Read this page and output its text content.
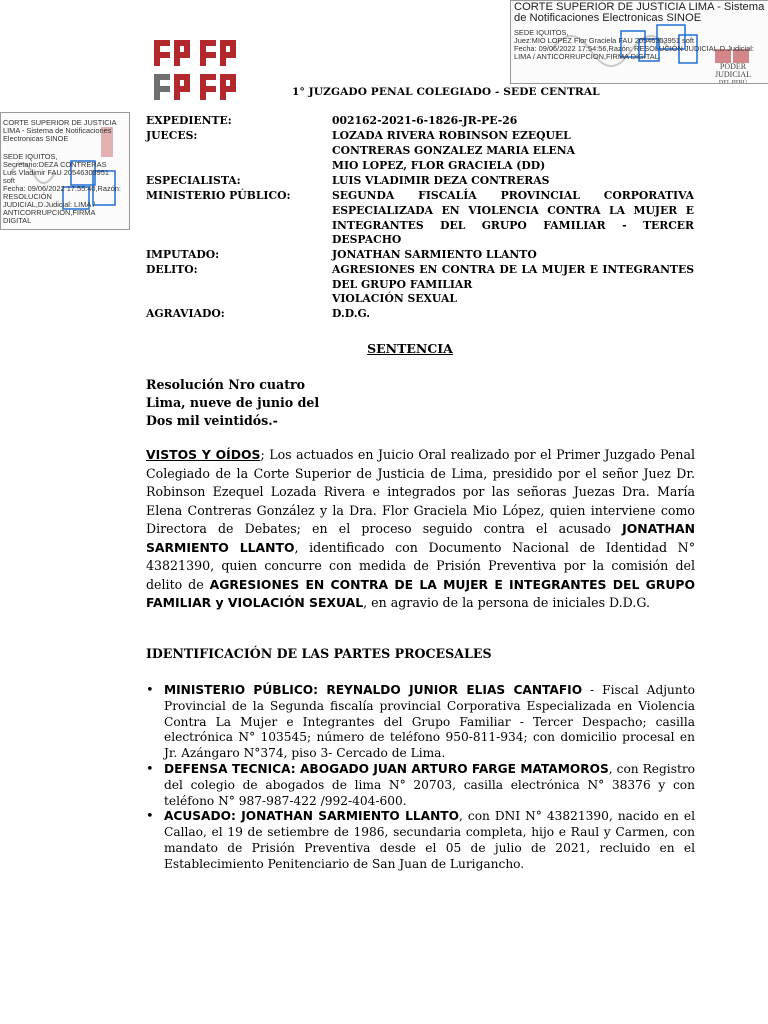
CORTE SUPERIOR DE JUSTICIA LIMA - Sistema de Notificaciones Electronicas SINOE
SEDE IQUITOS,
Juez:MIO LOPEZ Flor Graciela FAU 20546303951 soft
Fecha: 09/06/2022 17:54:56,Razón: RESOLUCIÓN JUDICIAL,D.Judicial:
LIMA / ANTICORRUPCION,FIRMA DIGITAL
PODER JUDICIAL
DEL PERÚ
CORTE SUPERIOR DE JUSTICIA
LIMA - Sistema de Notificaciones
Electronicas SINOE
SEDE IQUITOS,
Secretario:DEZA CONTRERAS
Luis Vladimir FAU 20546303951
soft
Fecha: 09/06/2022 17:55:40,Razón:
RESOLUCIÓN
JUDICIAL,D.Judicial: LIMA /
ANTICORRUPCION,FIRMA
DIGITAL
1° JUZGADO PENAL COLEGIADO - SEDE CENTRAL
EXPEDIENTE:	002162-2021-6-1826-JR-PE-26
JUECES:	LOZADA RIVERA ROBINSON EZEQUEL
CONTRERAS GONZALEZ MARIA ELENA
MIO LOPEZ, FLOR GRACIELA (DD)
ESPECIALISTA:	LUIS VLADIMIR DEZA CONTRERAS
MINISTERIO PÚBLICO:	SEGUNDA FISCALÍA PROVINCIAL CORPORATIVA ESPECIALIZADA EN VIOLENCIA CONTRA LA MUJER E INTEGRANTES DEL GRUPO FAMILIAR - TERCER DESPACHO
IMPUTADO:	JONATHAN SARMIENTO LLANTO
DELITO:	AGRESIONES EN CONTRA DE LA MUJER E INTEGRANTES DEL GRUPO FAMILIAR
VIOLACIÓN SEXUAL
AGRAVIADO:	D.D.G.
SENTENCIA
Resolución Nro cuatro
Lima, nueve de junio del
Dos mil veintidós.-
VISTOS Y OÍDOS; Los actuados en Juicio Oral realizado por el Primer Juzgado Penal Colegiado de la Corte Superior de Justicia de Lima, presidido por el señor Juez Dr. Robinson Ezequel Lozada Rivera e integrados por las señoras Juezas Dra. María Elena Contreras González y la Dra. Flor Graciela Mio López, quien interviene como Directora de Debates; en el proceso seguido contra el acusado JONATHAN SARMIENTO LLANTO, identificado con Documento Nacional de Identidad N° 43821390, quien concurre con medida de Prisión Preventiva por la comisión del delito de AGRESIONES EN CONTRA DE LA MUJER E INTEGRANTES DEL GRUPO FAMILIAR y VIOLACIÓN SEXUAL, en agravio de la persona de iniciales D.D.G.
IDENTIFICACIÓN DE LAS PARTES PROCESALES
• MINISTERIO PÚBLICO: REYNALDO JUNIOR ELIAS CANTAFIO - Fiscal Adjunto Provincial de la Segunda fiscalía provincial Corporativa Especializada en Violencia Contra La Mujer e Integrantes del Grupo Familiar - Tercer Despacho; casilla electrónica N° 103545; número de teléfono 950-811-934; con domicilio procesal en Jr. Azángaro N°374, piso 3- Cercado de Lima.
• DEFENSA TECNICA: ABOGADO JUAN ARTURO FARGE MATAMOROS, con Registro del colegio de abogados de lima N° 20703, casilla electrónica N° 38376 y con teléfono N° 987-987-422 /992-404-600.
• ACUSADO: JONATHAN SARMIENTO LLANTO, con DNI N° 43821390, nacido en el Callao, el 19 de setiembre de 1986, secundaria completa, hijo e Raul y Carmen, con mandato de Prisión Preventiva desde el 05 de julio de 2021, recluido en el Establecimiento Penitenciario de San Juan de Lurigancho.
